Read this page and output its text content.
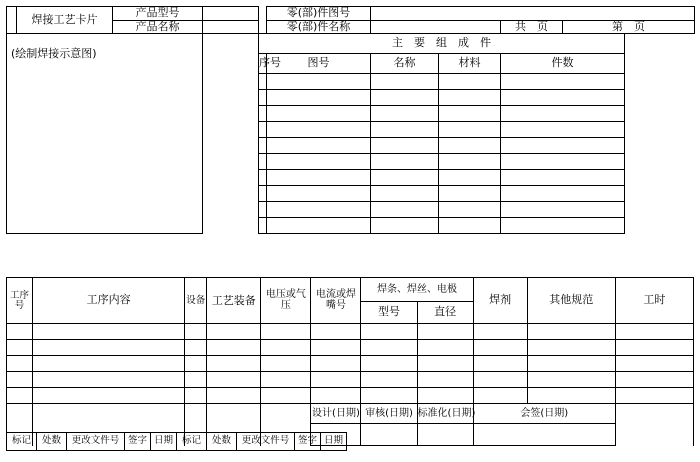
	焊接工艺卡片	产品型号			零(部)件图号				
		产品名称			零(部)件名称			共　页	第　页
(绘制焊接示意图)				主　要　组　成　件					
				序号	图号	名称	材料	件数	

工序号	工序内容	设备	工艺装备	电压或气压	电流或焊嘴号	焊条、焊丝、电极		焊剂	其他规范	工时
						型号	直径			

					设计(日期)	审核(日期)	标准化(日期)	会签(日期)		

标记	处数	更改文件号	签字	日期	标记	处数	更改文件号	签字	日期
